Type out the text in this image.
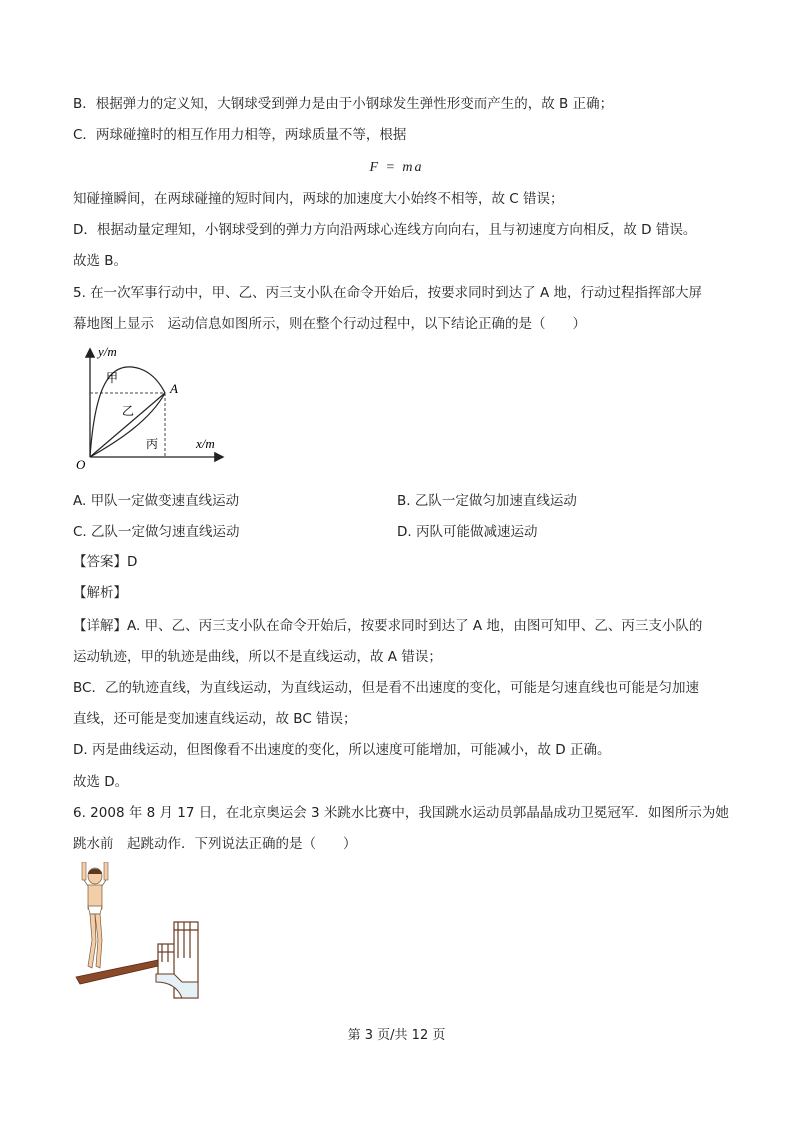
B．根据弹力的定义知，大钢球受到弹力是由于小钢球发生弹性形变而产生的，故 B 正确；
C．两球碰撞时的相互作用力相等，两球质量不等，根据
F = ma
知碰撞瞬间，在两球碰撞的短时间内，两球的加速度大小始终不相等，故 C 错误；
D．根据动量定理知，小钢球受到的弹力方向沿两球心连线方向向右，且与初速度方向相反，故 D 错误。
故选 B。
5. 在一次军事行动中，甲、乙、丙三支小队在命令开始后，按要求同时到达了 A 地，行动过程指挥部大屏
幕地图上显示　运动信息如图所示，则在整个行动过程中，以下结论正确的是（　　）
y/m
x/m
O
A
甲
乙
丙
A. 甲队一定做变速直线运动	B. 乙队一定做匀加速直线运动
C. 乙队一定做匀速直线运动	D. 丙队可能做减速运动
【答案】D
【解析】
【详解】A. 甲、乙、丙三支小队在命令开始后，按要求同时到达了 A 地，由图可知甲、乙、丙三支小队的
运动轨迹，甲的轨迹是曲线，所以不是直线运动，故 A 错误；
BC．乙的轨迹直线，为直线运动，为直线运动，但是看不出速度的变化，可能是匀速直线也可能是匀加速
直线，还可能是变加速直线运动，故 BC 错误；
D. 丙是曲线运动，但图像看不出速度的变化，所以速度可能增加，可能减小，故 D 正确。
故选 D。
6. 2008 年 8 月 17 日，在北京奥运会 3 米跳水比赛中，我国跳水运动员郭晶晶成功卫冕冠军．如图所示为她
跳水前　起跳动作．下列说法正确的是（　　）
第 3 页/共 12 页
